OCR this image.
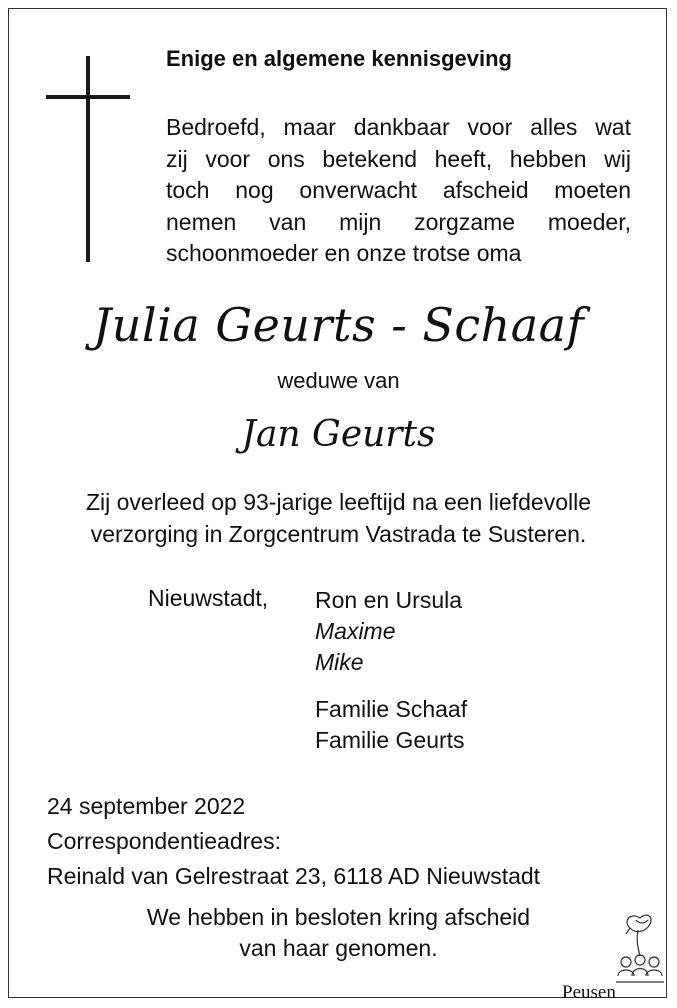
Enige en algemene kennisgeving
Bedroefd, maar dankbaar voor alles wat
zij voor ons betekend heeft, hebben wij
toch nog onverwacht afscheid moeten
nemen van mijn zorgzame moeder,
schoonmoeder en onze trotse oma
Julia Geurts - Schaaf
weduwe van
Jan Geurts
Zij overleed op 93-jarige leeftijd na een liefdevolle
verzorging in Zorgcentrum Vastrada te Susteren.
Nieuwstadt, Ron en Ursula
Maxime
Mike
Familie Schaaf
Familie Geurts
24 september 2022
Correspondentieadres:
Reinald van Gelrestraat 23, 6118 AD Nieuwstadt
We hebben in besloten kring afscheid
van haar genomen.
Peusen
